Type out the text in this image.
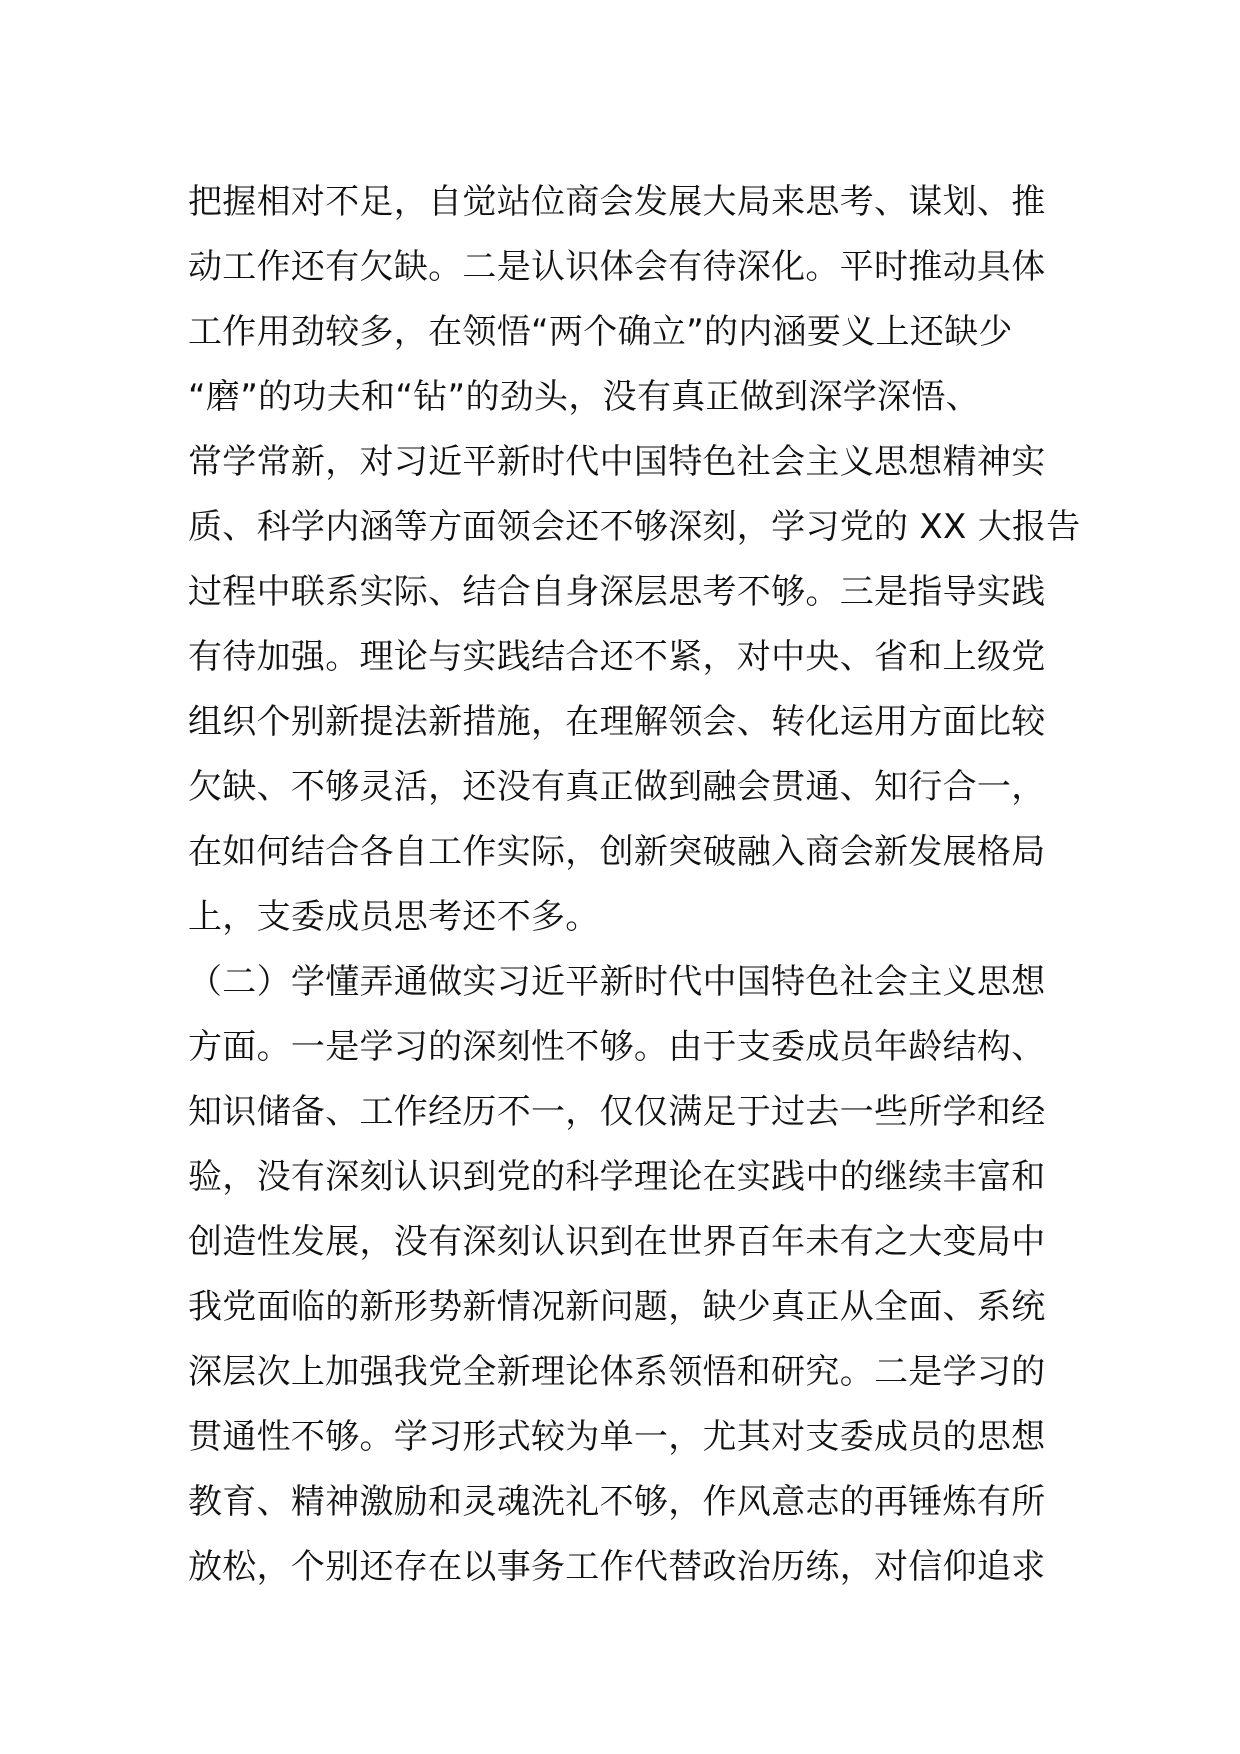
把握相对不足，自觉站位商会发展大局来思考、谋划、推
动工作还有欠缺。二是认识体会有待深化。平时推动具体
工作用劲较多，在领悟“两个确立”的内涵要义上还缺少
“磨”的功夫和“钻”的劲头，没有真正做到深学深悟、
常学常新，对习近平新时代中国特色社会主义思想精神实
质、科学内涵等方面领会还不够深刻，学习党的 XX 大报告
过程中联系实际、结合自身深层思考不够。三是指导实践
有待加强。理论与实践结合还不紧，对中央、省和上级党
组织个别新提法新措施，在理解领会、转化运用方面比较
欠缺、不够灵活，还没有真正做到融会贯通、知行合一，
在如何结合各自工作实际，创新突破融入商会新发展格局
上，支委成员思考还不多。
（二）学懂弄通做实习近平新时代中国特色社会主义思想
方面。一是学习的深刻性不够。由于支委成员年龄结构、
知识储备、工作经历不一，仅仅满足于过去一些所学和经
验，没有深刻认识到党的科学理论在实践中的继续丰富和
创造性发展，没有深刻认识到在世界百年未有之大变局中
我党面临的新形势新情况新问题，缺少真正从全面、系统
深层次上加强我党全新理论体系领悟和研究。二是学习的
贯通性不够。学习形式较为单一，尤其对支委成员的思想
教育、精神激励和灵魂洗礼不够，作风意志的再锤炼有所
放松，个别还存在以事务工作代替政治历练，对信仰追求
